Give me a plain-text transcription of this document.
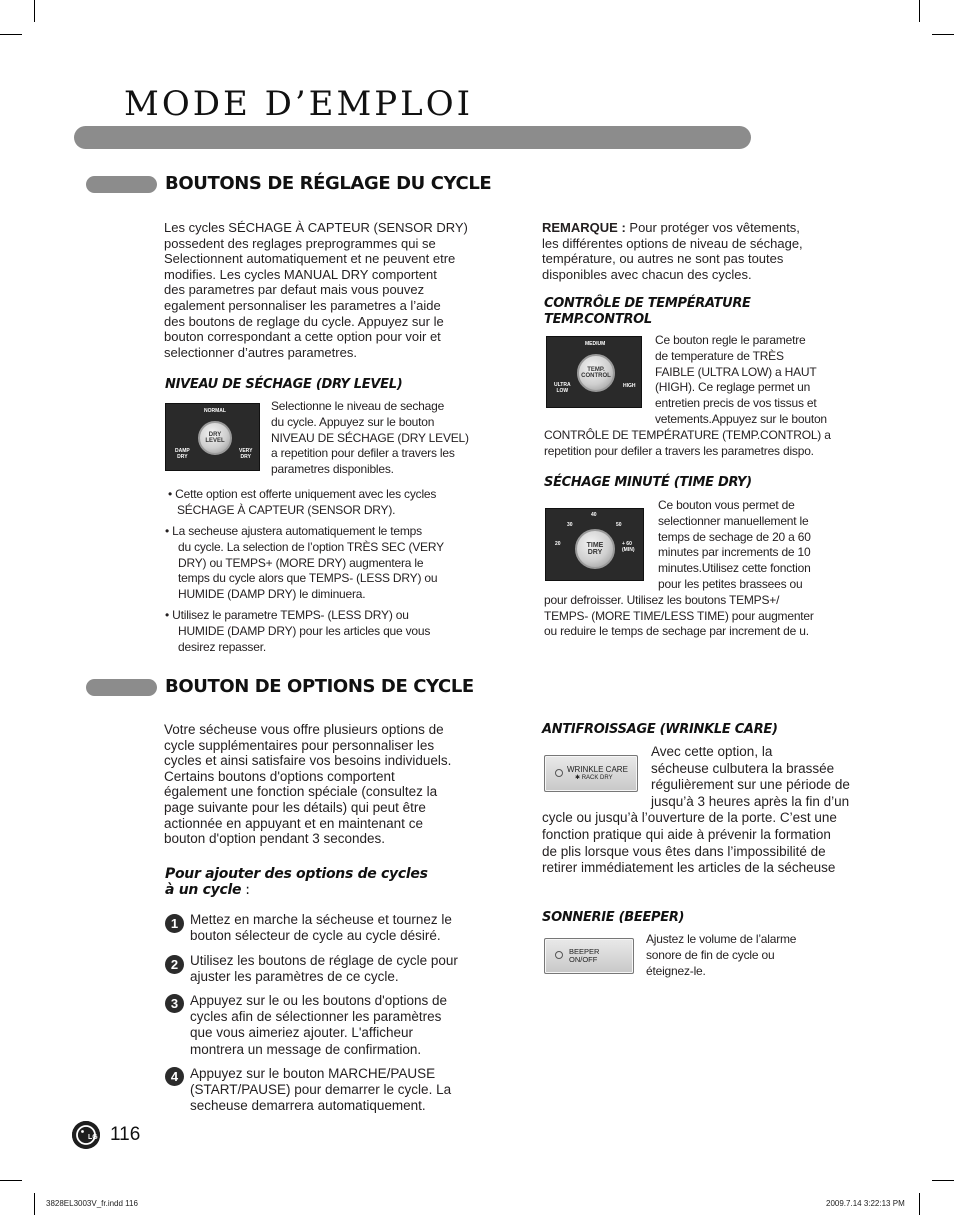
MODE D’EMPLOI
BOUTONS DE RÉGLAGE DU CYCLE
Les cycles SÉCHAGE À CAPTEUR (SENSOR DRY)
possedent des reglages preprogrammes qui se
Selectionnent automatiquement et ne peuvent etre
modifies. Les cycles MANUAL DRY comportent
des parametres par defaut mais vous pouvez
egalement personnaliser les parametres a l’aide
des boutons de reglage du cycle. Appuyez sur le
bouton correspondant a cette option pour voir et
selectionner d’autres parametres.
NIVEAU DE SÉCHAGE (DRY LEVEL)
NORMAL
DRY
LEVEL
DAMP
DRY
VERY
DRY
Selectionne le niveau de sechage
du cycle. Appuyez sur le bouton
NIVEAU DE SÉCHAGE (DRY LEVEL)
a repetition pour defiler a travers les
parametres disponibles.
• Cette option est offerte uniquement avec les cycles
SÉCHAGE À CAPTEUR (SENSOR DRY).
• La secheuse ajustera automatiquement le temps
du cycle. La selection de l’option TRÈS SEC (VERY
DRY) ou TEMPS+ (MORE DRY) augmentera le
temps du cycle alors que TEMPS- (LESS DRY) ou
HUMIDE (DAMP DRY) le diminuera.
• Utilisez le parametre TEMPS- (LESS DRY) ou
HUMIDE (DAMP DRY) pour les articles que vous
desirez repasser.
REMARQUE : Pour protéger vos vêtements,
les différentes options de niveau de séchage,
température, ou autres ne sont pas toutes
disponibles avec chacun des cycles.
CONTRÔLE DE TEMPÉRATURE
TEMP.CONTROL
MEDIUM
TEMP.
CONTROL
ULTRA
LOW
HIGH
Ce bouton regle le parametre
de temperature de TRÈS
FAIBLE (ULTRA LOW) a HAUT
(HIGH). Ce reglage permet un
entretien precis de vos tissus et
vetements.Appuyez sur le bouton
CONTRÔLE DE TEMPÉRATURE (TEMP.CONTROL) a
repetition pour defiler a travers les parametres dispo.
SÉCHAGE MINUTÉ (TIME DRY)
40
30	50
20	+ 60
(MIN)
TIME
DRY
Ce bouton vous permet de
selectionner manuellement le
temps de sechage de 20 a 60
minutes par increments de 10
minutes.Utilisez cette fonction
pour les petites brassees ou
pour defroisser. Utilisez les boutons TEMPS+/
TEMPS- (MORE TIME/LESS TIME) pour augmenter
ou reduire le temps de sechage par increment de u.
BOUTON DE OPTIONS DE CYCLE
Votre sécheuse vous offre plusieurs options de
cycle supplémentaires pour personnaliser les
cycles et ainsi satisfaire vos besoins individuels.
Certains boutons d'options comportent
également une fonction spéciale (consultez la
page suivante pour les détails) qui peut être
actionnée en appuyant et en maintenant ce
bouton d'option pendant 3 secondes.
Pour ajouter des options de cycles
à un cycle :
1 Mettez en marche la sécheuse et tournez le
bouton sélecteur de cycle au cycle désiré.
2 Utilisez les boutons de réglage de cycle pour
ajuster les paramètres de ce cycle.
3 Appuyez sur le ou les boutons d'options de
cycles afin de sélectionner les paramètres
que vous aimeriez ajouter. L'afficheur
montrera un message de confirmation.
4 Appuyez sur le bouton MARCHE/PAUSE
(START/PAUSE) pour demarrer le cycle. La
secheuse demarrera automatiquement.
ANTIFROISSAGE (WRINKLE CARE)
WRINKLE CARE
✱ RACK DRY
Avec cette option, la
sécheuse culbutera la brassée
régulièrement sur une période de
jusqu’à 3 heures après la fin d’un
cycle ou jusqu’à l’ouverture de la porte. C’est une
fonction pratique qui aide à prévenir la formation
de plis lorsque vous êtes dans l’impossibilité de
retirer immédiatement les articles de la sécheuse
SONNERIE (BEEPER)
BEEPER
ON/OFF
Ajustez le volume de l’alarme
sonore de fin de cycle ou
éteignez-le.
LG 116
3828EL3003V_fr.indd 116	2009.7.14 3:22:13 PM
